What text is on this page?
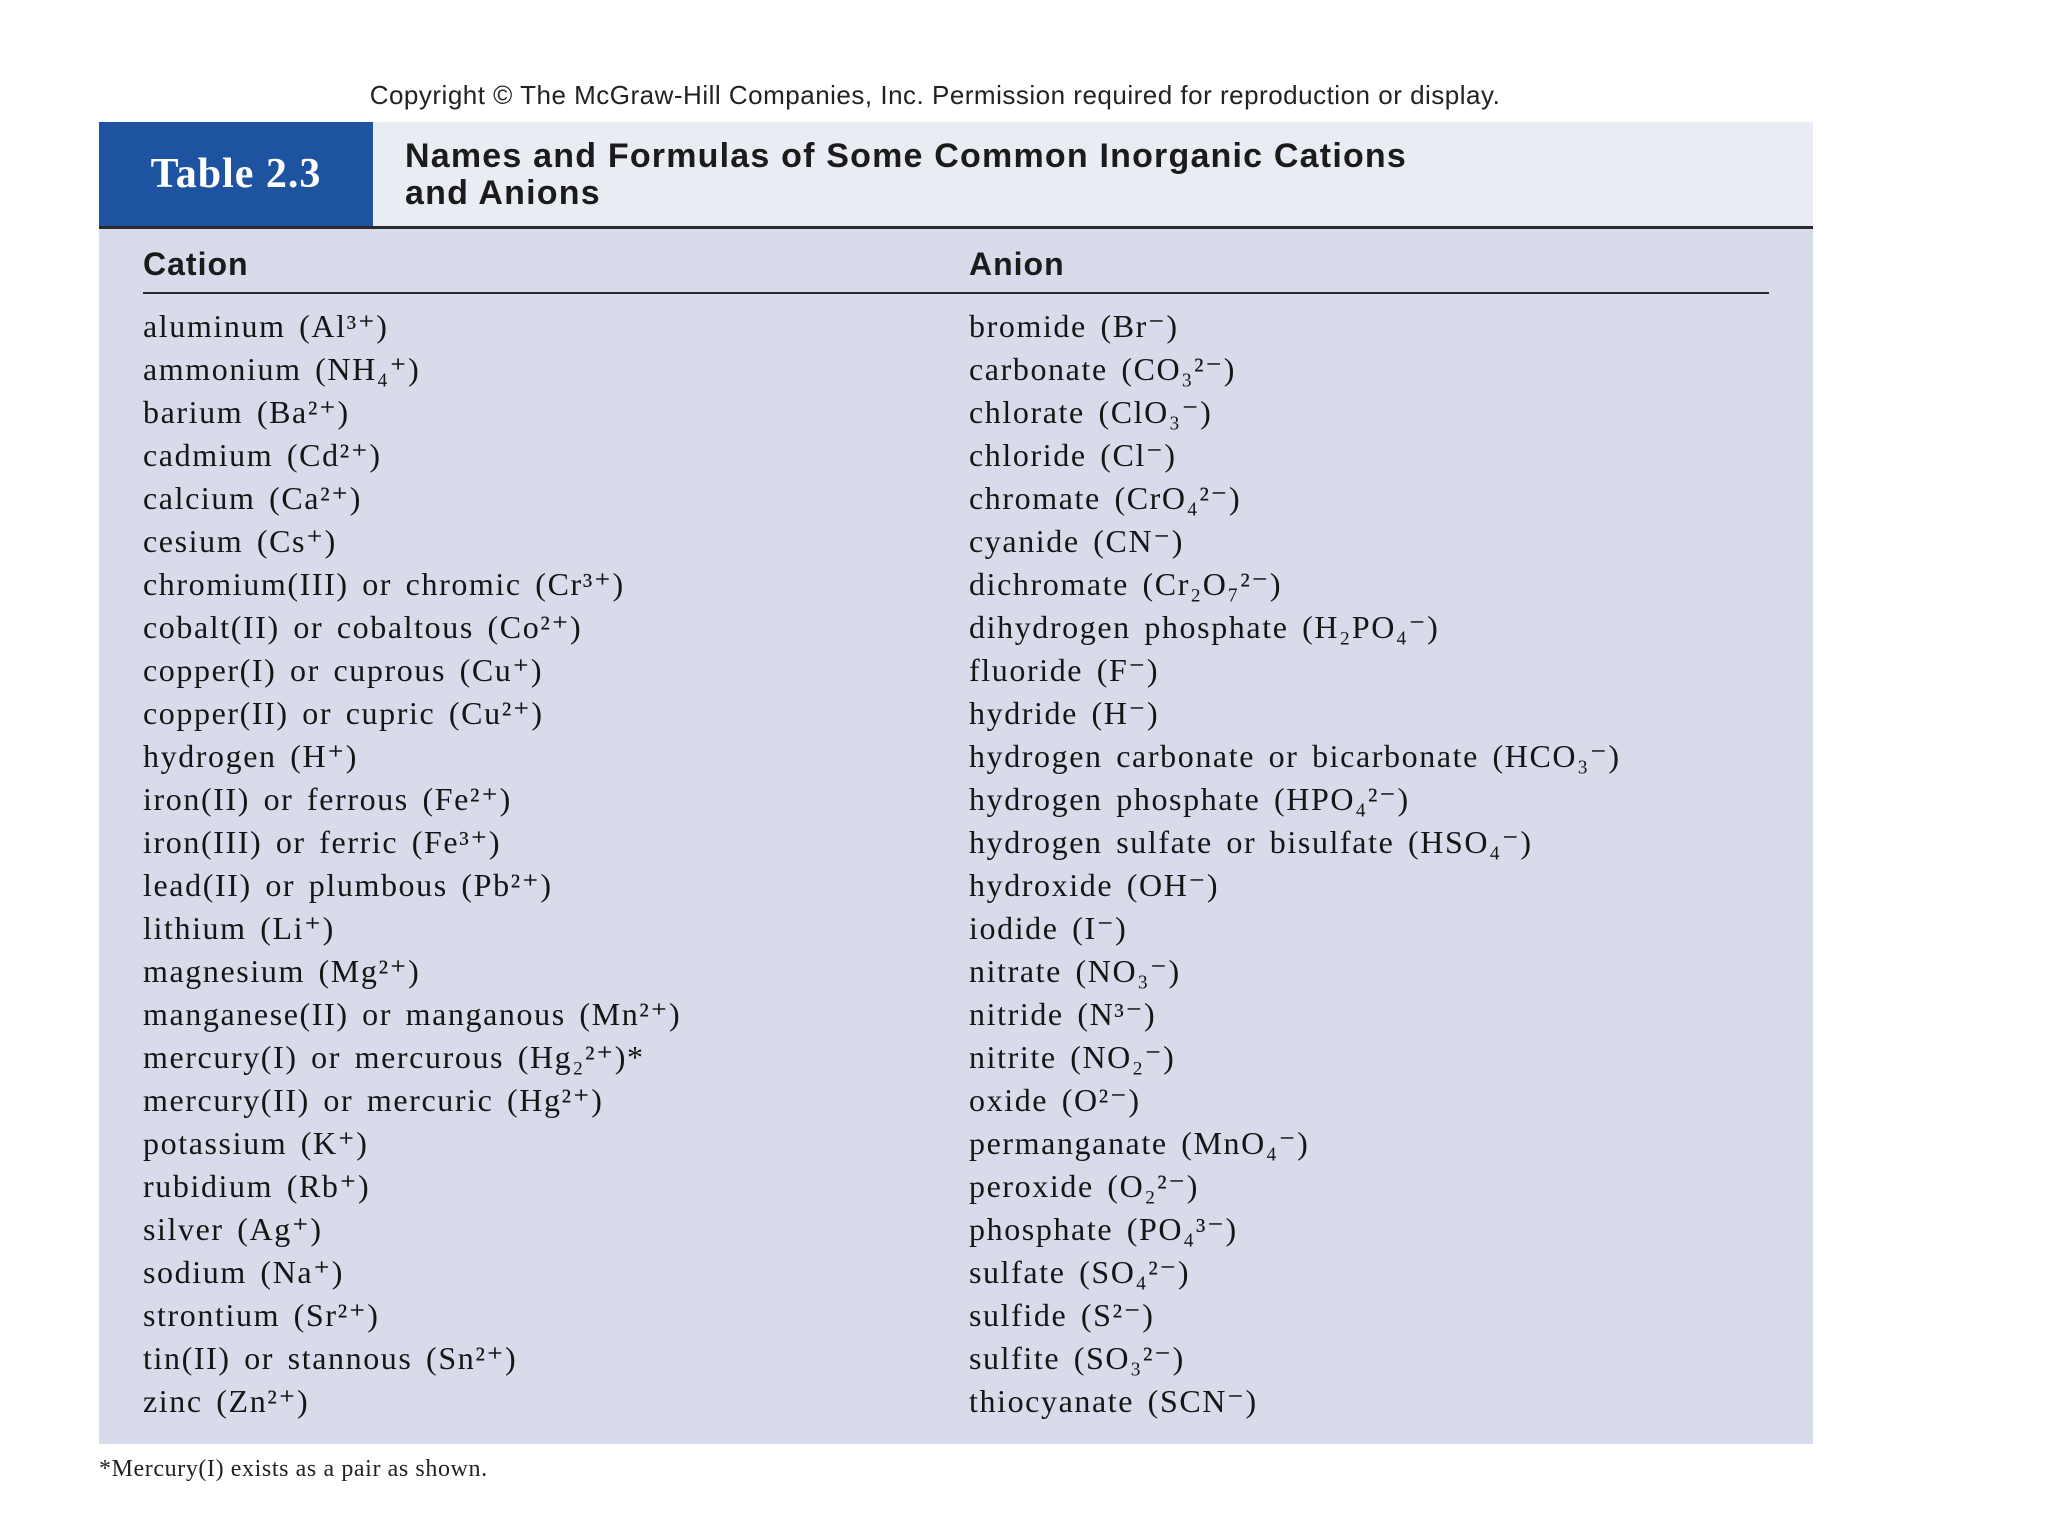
Copyright © The McGraw-Hill Companies, Inc. Permission required for reproduction or display.
Table 2.3	Names and Formulas of Some Common Inorganic Cations
and Anions
Cation	Anion
aluminum (Al³⁺)
ammonium (NH₄⁺)
barium (Ba²⁺)
cadmium (Cd²⁺)
calcium (Ca²⁺)
cesium (Cs⁺)
chromium(III) or chromic (Cr³⁺)
cobalt(II) or cobaltous (Co²⁺)
copper(I) or cuprous (Cu⁺)
copper(II) or cupric (Cu²⁺)
hydrogen (H⁺)
iron(II) or ferrous (Fe²⁺)
iron(III) or ferric (Fe³⁺)
lead(II) or plumbous (Pb²⁺)
lithium (Li⁺)
magnesium (Mg²⁺)
manganese(II) or manganous (Mn²⁺)
mercury(I) or mercurous (Hg₂²⁺)*
mercury(II) or mercuric (Hg²⁺)
potassium (K⁺)
rubidium (Rb⁺)
silver (Ag⁺)
sodium (Na⁺)
strontium (Sr²⁺)
tin(II) or stannous (Sn²⁺)
zinc (Zn²⁺)
bromide (Br⁻)
carbonate (CO₃²⁻)
chlorate (ClO₃⁻)
chloride (Cl⁻)
chromate (CrO₄²⁻)
cyanide (CN⁻)
dichromate (Cr₂O₇²⁻)
dihydrogen phosphate (H₂PO₄⁻)
fluoride (F⁻)
hydride (H⁻)
hydrogen carbonate or bicarbonate (HCO₃⁻)
hydrogen phosphate (HPO₄²⁻)
hydrogen sulfate or bisulfate (HSO₄⁻)
hydroxide (OH⁻)
iodide (I⁻)
nitrate (NO₃⁻)
nitride (N³⁻)
nitrite (NO₂⁻)
oxide (O²⁻)
permanganate (MnO₄⁻)
peroxide (O₂²⁻)
phosphate (PO₄³⁻)
sulfate (SO₄²⁻)
sulfide (S²⁻)
sulfite (SO₃²⁻)
thiocyanate (SCN⁻)
*Mercury(I) exists as a pair as shown.
